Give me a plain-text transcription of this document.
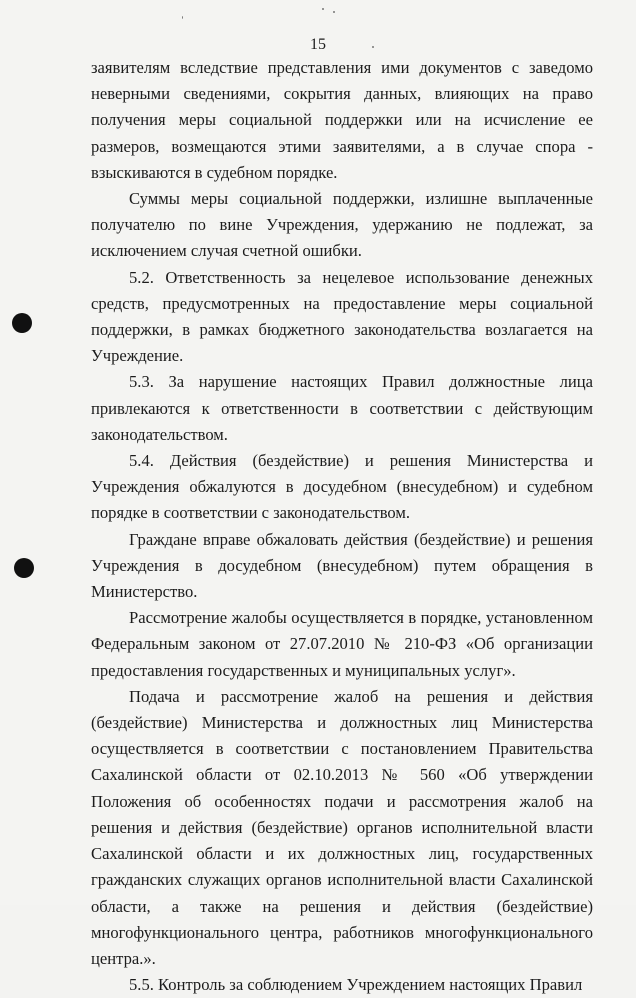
15

заявителям вследствие представления ими документов с заведомо неверными сведениями, сокрытия данных, влияющих на право получения меры социальной поддержки или на исчисление ее размеров, возмещаются этими заявителями, а в случае спора - взыскиваются в судебном порядке.

Суммы меры социальной поддержки, излишне выплаченные получателю по вине Учреждения, удержанию не подлежат, за исключением случая счетной ошибки.

5.2. Ответственность за нецелевое использование денежных средств, предусмотренных на предоставление меры социальной поддержки, в рамках бюджетного законодательства возлагается на Учреждение.

5.3. За нарушение настоящих Правил должностные лица привлекаются к ответственности в соответствии с действующим законодательством.

5.4. Действия (бездействие) и решения Министерства и Учреждения обжалуются в досудебном (внесудебном) и судебном порядке в соответствии с законодательством.

Граждане вправе обжаловать действия (бездействие) и решения Учреждения в досудебном (внесудебном) путем обращения в Министерство.

Рассмотрение жалобы осуществляется в порядке, установленном Федеральным законом от 27.07.2010 № 210-ФЗ «Об организации предоставления государственных и муниципальных услуг».

Подача и рассмотрение жалоб на решения и действия (бездействие) Министерства и должностных лиц Министерства осуществляется в соответствии с постановлением Правительства Сахалинской области от 02.10.2013 № 560 «Об утверждении Положения об особенностях подачи и рассмотрения жалоб на решения и действия (бездействие) органов исполнительной власти Сахалинской области и их должностных лиц, государственных гражданских служащих органов исполнительной власти Сахалинской области, а также на решения и действия (бездействие) многофункционального центра, работников многофункционального центра.».

5.5. Контроль за соблюдением Учреждением настоящих Правил
